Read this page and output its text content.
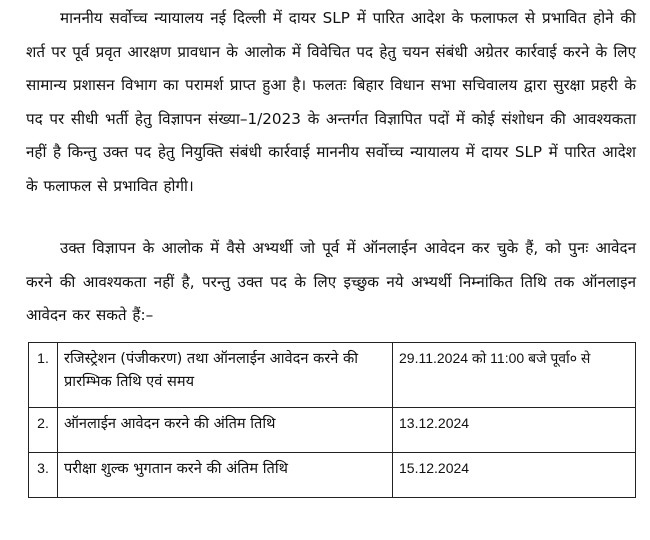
माननीय सर्वोच्च न्यायालय नई दिल्ली में दायर SLP में पारित आदेश के फलाफल से प्रभावित होने की शर्त पर पूर्व प्रवृत आरक्षण प्रावधान के आलोक में विवेचित पद हेतु चयन संबंधी अग्रेतर कार्रवाई करने के लिए सामान्य प्रशासन विभाग का परामर्श प्राप्त हुआ है। फलतः बिहार विधान सभा सचिवालय द्वारा सुरक्षा प्रहरी के पद पर सीधी भर्ती हेतु विज्ञापन संख्या–1/2023 के अन्तर्गत विज्ञापित पदों में कोई संशोधन की आवश्यकता नहीं है किन्तु उक्त पद हेतु नियुक्ति संबंधी कार्रवाई माननीय सर्वोच्च न्यायालय में दायर SLP में पारित आदेश के फलाफल से प्रभावित होगी।

उक्त विज्ञापन के आलोक में वैसे अभ्यर्थी जो पूर्व में ऑनलाईन आवेदन कर चुके हैं, को पुनः आवेदन करने की आवश्यकता नहीं है, परन्तु उक्त पद के लिए इच्छुक नये अभ्यर्थी निम्नांकित तिथि तक ऑनलाइन आवेदन कर सकते हैं:–

1.	रजिस्ट्रेशन (पंजीकरण) तथा ऑनलाईन आवेदन करने की प्रारम्भिक तिथि एवं समय	29.11.2024 को 11:00 बजे पूर्वा० से
2.	ऑनलाईन आवेदन करने की अंतिम तिथि	13.12.2024
3.	परीक्षा शुल्क भुगतान करने की अंतिम तिथि	15.12.2024
